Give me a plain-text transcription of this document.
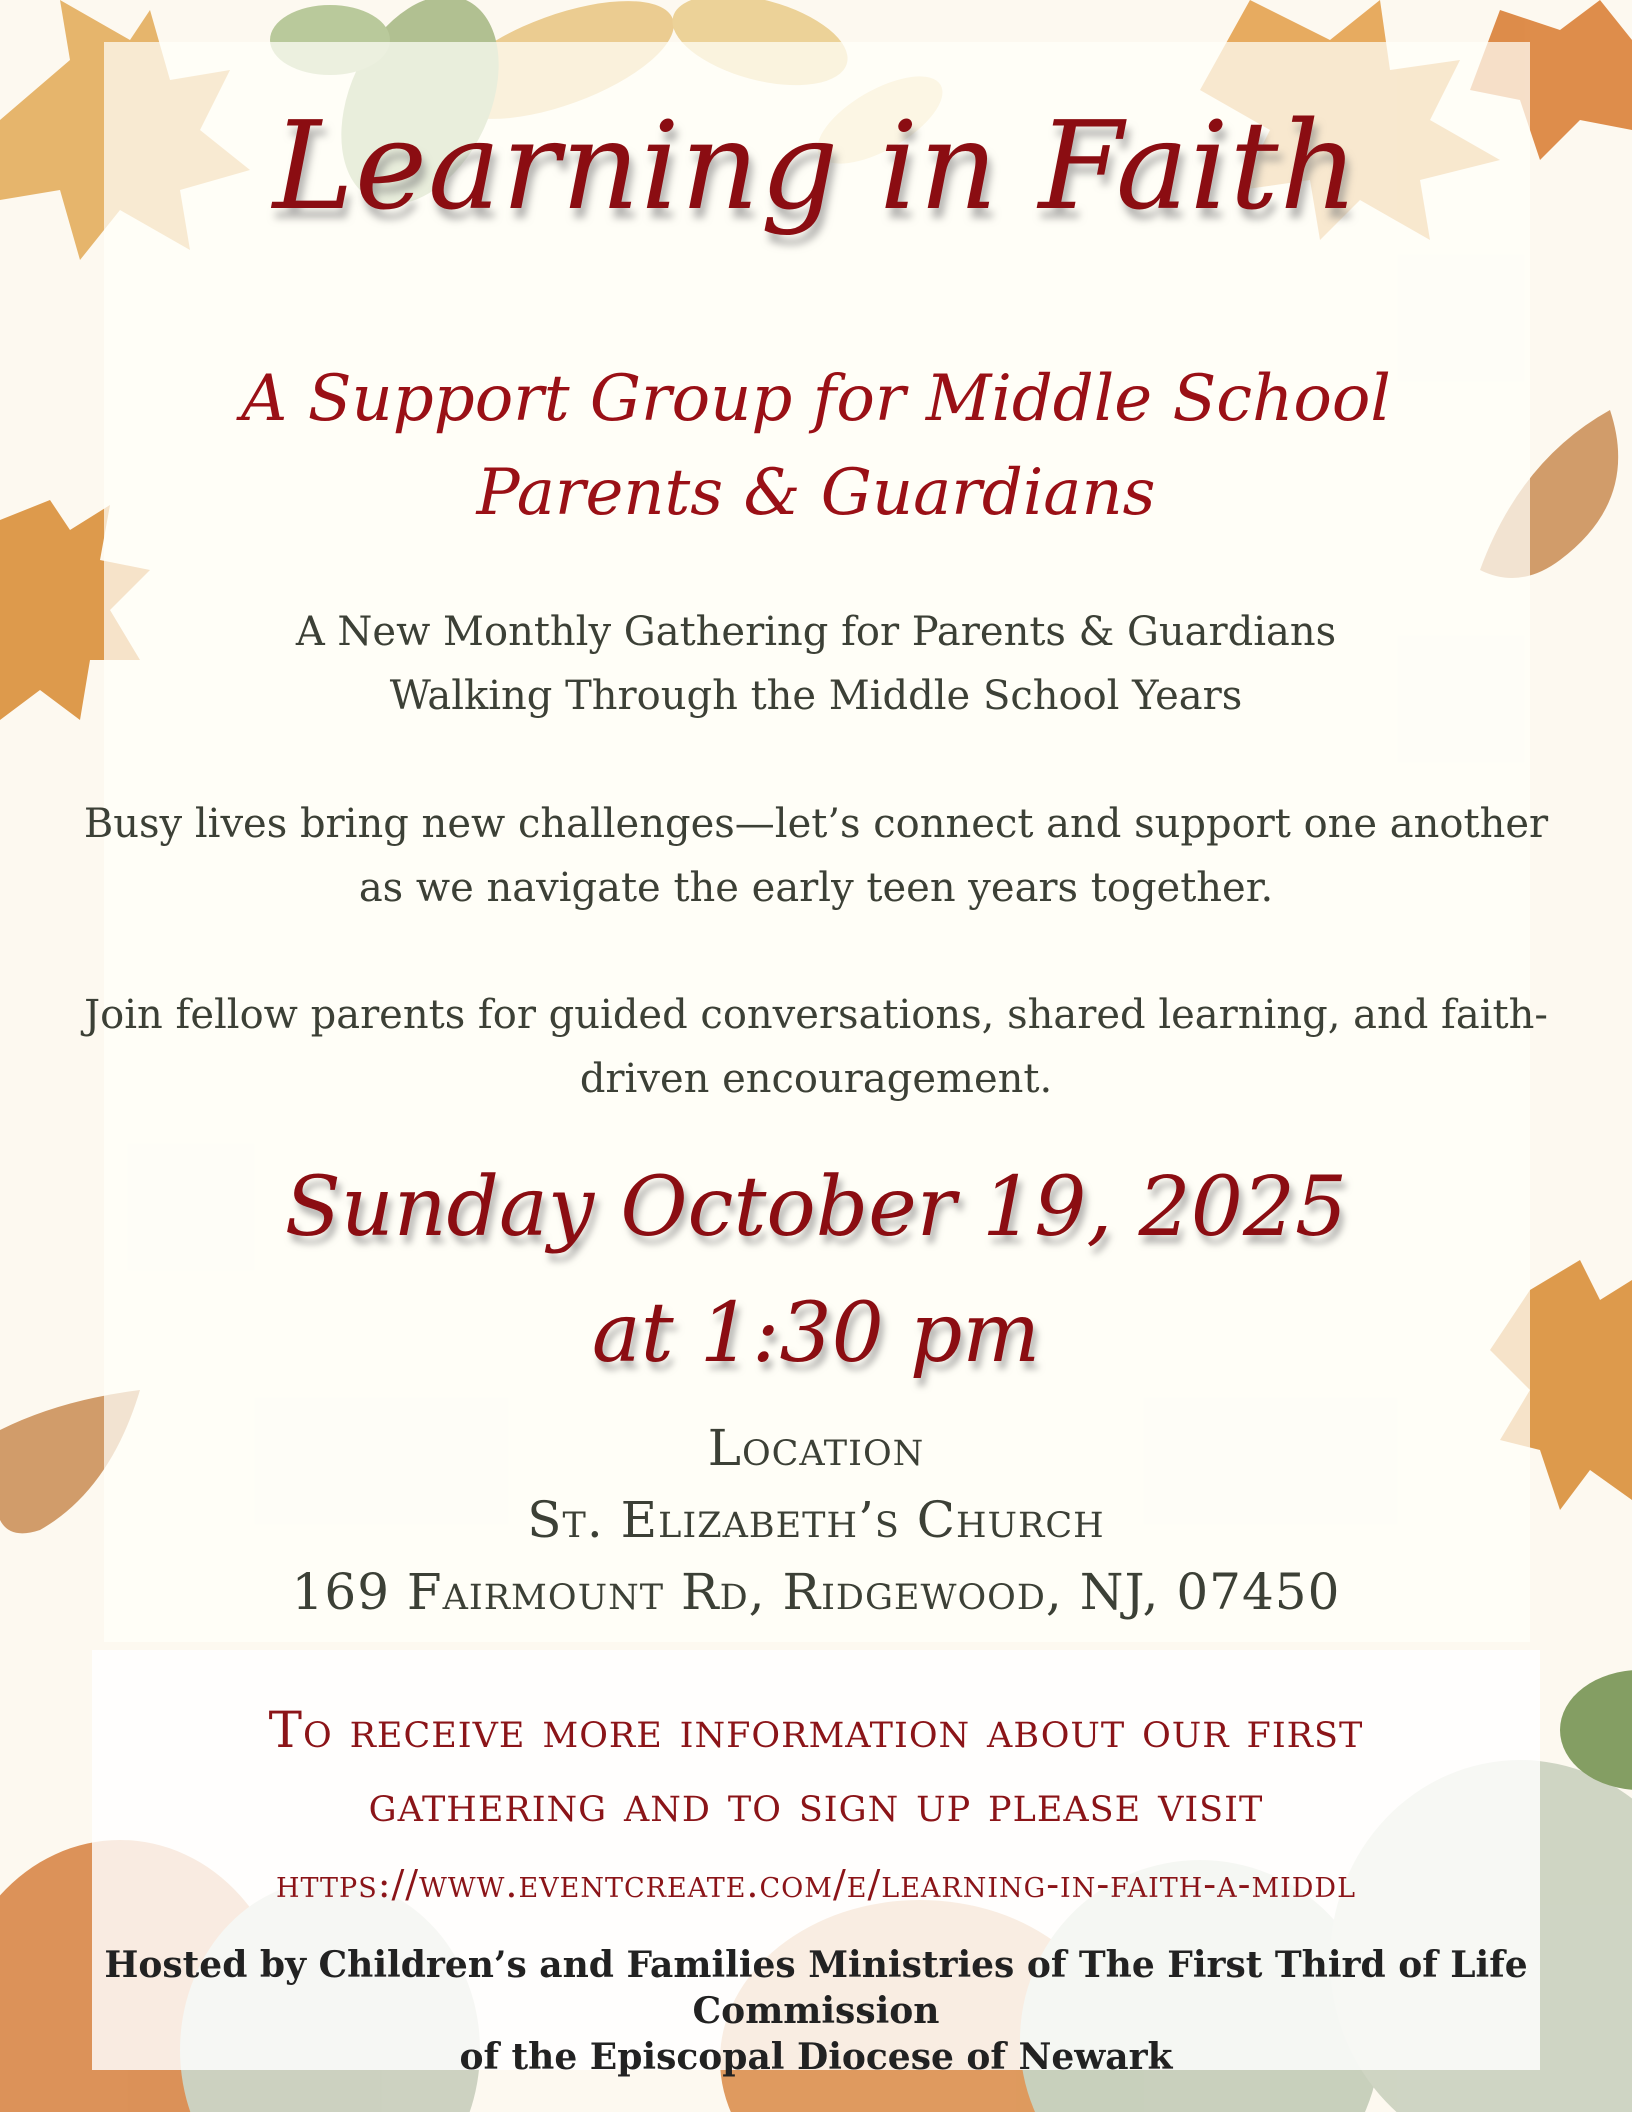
Learning in Faith
A Support Group for Middle School
Parents & Guardians
A New Monthly Gathering for Parents & Guardians
Walking Through the Middle School Years
Busy lives bring new challenges—let’s connect and support one another
as we navigate the early teen years together.
Join fellow parents for guided conversations, shared learning, and faith-
driven encouragement.
Sunday October 19, 2025
at 1:30 pm
Location
St. Elizabeth’s Church
169 Fairmount Rd, Ridgewood, NJ, 07450
To receive more information about our first
gathering and to sign up please visit
https://www.eventcreate.com/e/learning-in-faith-a-middl
Hosted by Children’s and Families Ministries of The First Third of Life Commission
of the Episcopal Diocese of Newark
